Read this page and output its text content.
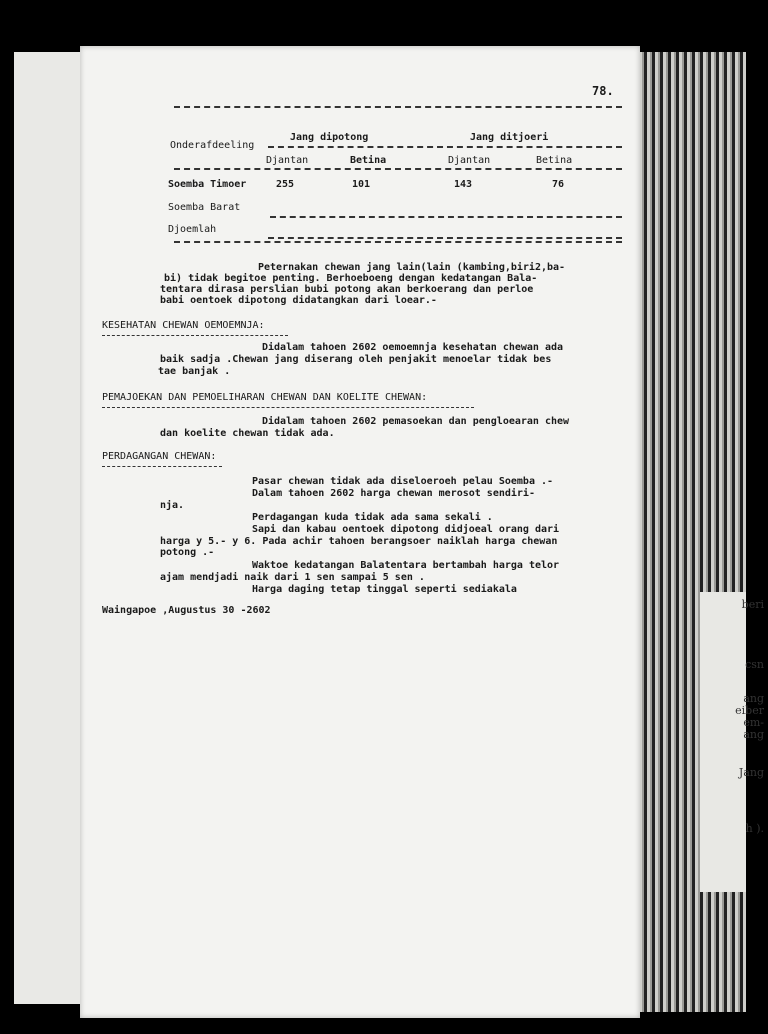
beri
csn
ang
eiber
em-
ang
Jang
h ).
78.
Onderafdeeling
Jang dipotong	Jang ditjoeri
Djantan	Betina	Djantan	Betina
Soemba Timoer	255	101	143	76
Soemba Barat
Djoemlah
Peternakan chewan jang lain(lain (kambing,biri2,ba-
bi) tidak begitoe penting. Berhoeboeng dengan kedatangan Bala-
tentara dirasa perslian bubi potong akan berkoerang dan perloe
babi oentoek dipotong didatangkan dari loear.-
KESEHATAN CHEWAN OEMOEMNJA:
Didalam tahoen 2602 oemoemnja kesehatan chewan ada
baik sadja .Chewan jang diserang oleh penjakit menoelar tidak bes
tae banjak .
PEMAJOEKAN DAN PEMOELIHARAN CHEWAN DAN KOELITE CHEWAN:
Didalam tahoen 2602 pemasoekan dan pengloearan chew
dan koelite chewan tidak ada.
PERDAGANGAN CHEWAN:
Pasar chewan tidak ada diseloeroeh pelau Soemba .-
Dalam tahoen 2602 harga chewan merosot sendiri-
nja.
Perdagangan kuda tidak ada sama sekali .
Sapi dan kabau oentoek dipotong didjoeal orang dari
harga y 5.- y 6. Pada achir tahoen berangsoer naiklah harga chewan
potong .-
Waktoe kedatangan Balatentara bertambah harga telor
ajam mendjadi naik dari 1 sen sampai 5 sen .
Harga daging tetap tinggal seperti sediakala
Waingapoe ,Augustus 30 -2602
